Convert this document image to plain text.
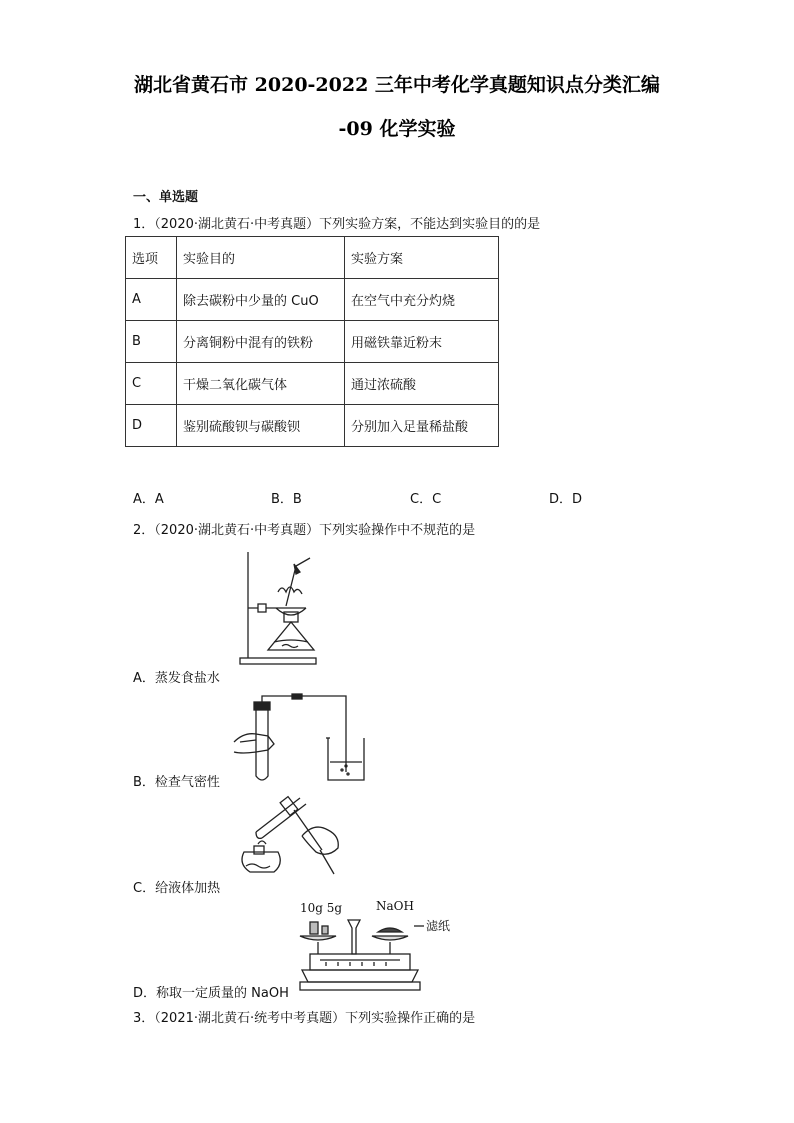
湖北省黄石市 2020-2022 三年中考化学真题知识点分类汇编
-09 化学实验
一、单选题
1．（2020·湖北黄石·中考真题）下列实验方案，不能达到实验目的的是
选项	实验目的	实验方案
A	除去碳粉中少量的 CuO	在空气中充分灼烧
B	分离铜粉中混有的铁粉	用磁铁靠近粉末
C	干燥二氧化碳气体	通过浓硫酸
D	鉴别硫酸钡与碳酸钡	分别加入足量稀盐酸
A．A	B．B	C．C	D．D
2．（2020·湖北黄石·中考真题）下列实验操作中不规范的是
A．蒸发食盐水
B．检查气密性
C．给液体加热
10g 5g	NaOH
滤纸
D．称取一定质量的 NaOH
3．（2021·湖北黄石·统考中考真题）下列实验操作正确的是
